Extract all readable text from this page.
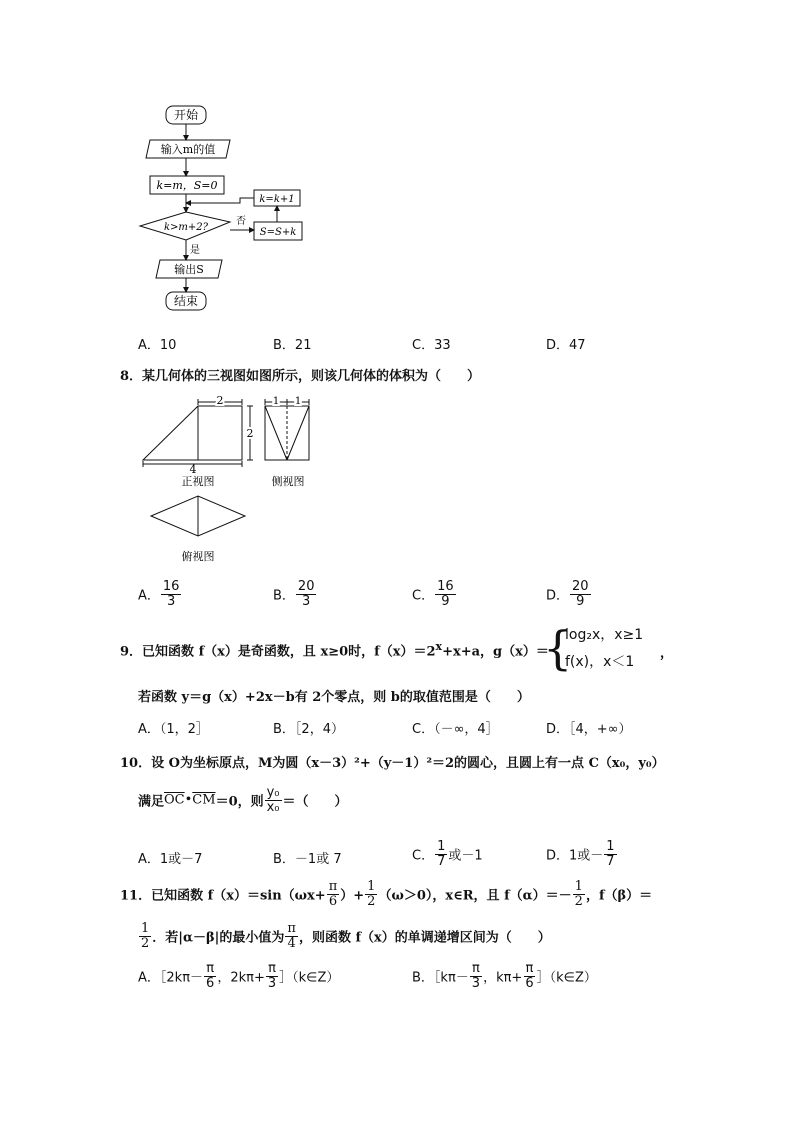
开始
输入m的值
k=m，S=0
k>m+2?
否
是
S=S+k
k=k+1
输出S
结束
A．10	B．21	C．33	D．47
8．某几何体的三视图如图所示，则该几何体的体积为（　　）
2
2
4
1 1
正视图	侧视图
俯视图
A． $\frac{16}{3}$	B． $\frac{20}{3}$	C． $\frac{16}{9}$	D． $\frac{20}{9}$
9．已知函数 f（x）是奇函数，且 x≥0时，$f(x)=2^x+x+a$，g（x）＝
{
log₂x，x≥1
f(x)，x＜1
，
若函数 y＝g（x）+2x－b有 2个零点，则 b的取值范围是（　　）
A．（1，2］	B．［2，4）	C．（－∞，4］	D．［4，+∞）
10．设 O为坐标原点，M为圆（x－3）²+（y－1）²＝2的圆心，且圆上有一点 C（x₀，y₀）
满足$\overline{OC}•\overline{CM}=0$，则 $\frac{\text{y₀}}{\text{x₀}}$ ＝（　　）
A．1或－7	B．－1或 7	C． $\frac{1}{7}$ 或－1	D．1或－ $\frac{1}{7}$
11．已知函数 $f(x)=\sin(\omega x+ \frac{\pi}{6}$ ）+ $\frac{1}{2} (\omega>0)$，x∈R，且 $f(\alpha)=- \frac{1}{2}$ ，f（β）＝
$\frac{1}{2}$ ．若|α－β|的最小值为 $\frac{\pi}{4}$ ，则函数 f（x）的单调递增区间为（　　）
A．［2kπ－ $\frac{\pi}{6}$ ，$2k\pi+ \frac{\pi}{3}$ ］（k∈Z）	B．［kπ－ $\frac{\pi}{3}$ ，$k\pi+ \frac{\pi}{6}$ ］（k∈Z）
